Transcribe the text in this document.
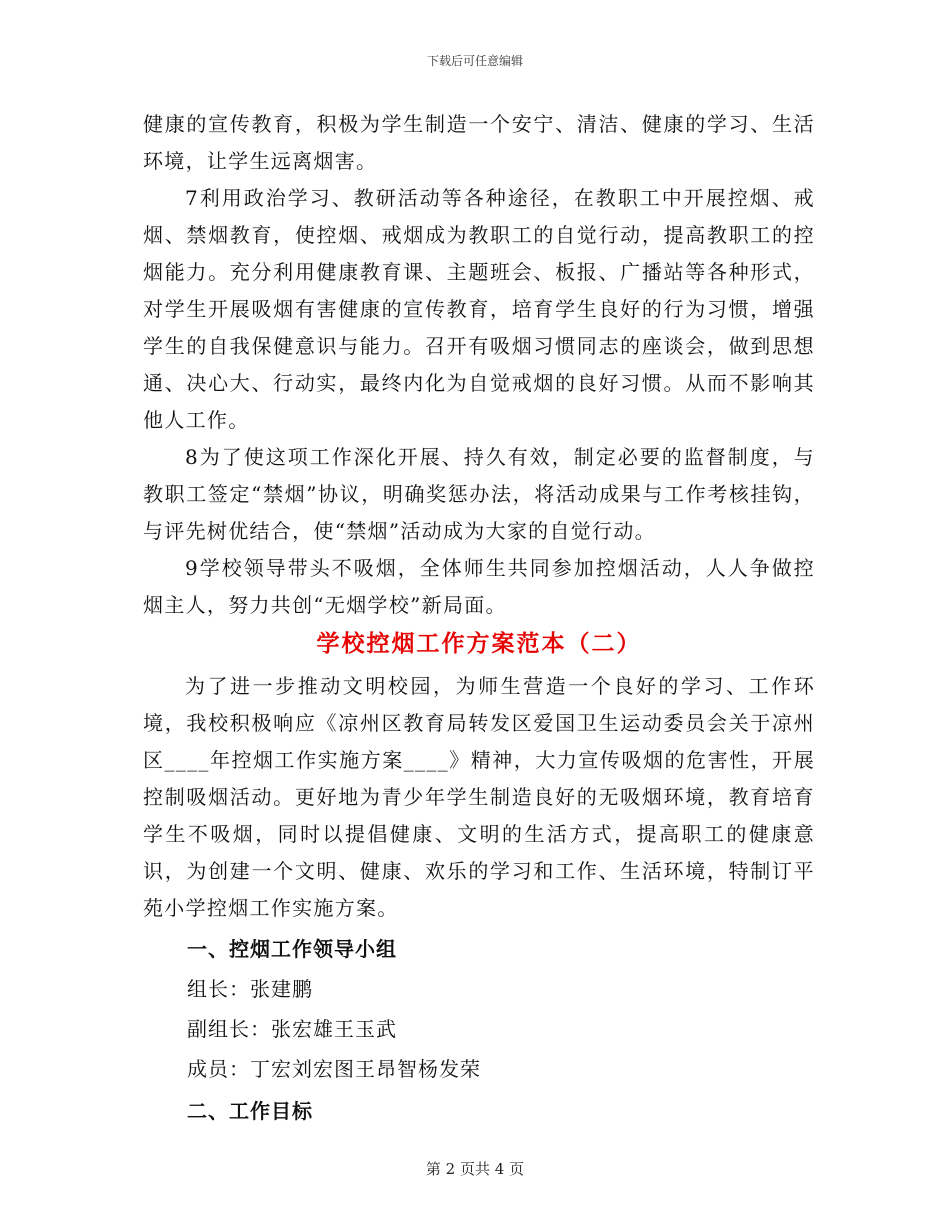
下载后可任意编辑

健康的宣传教育，积极为学生制造一个安宁、清洁、健康的学习、生活环境，让学生远离烟害。

7利用政治学习、教研活动等各种途径，在教职工中开展控烟、戒烟、禁烟教育，使控烟、戒烟成为教职工的自觉行动，提高教职工的控烟能力。充分利用健康教育课、主题班会、板报、广播站等各种形式，对学生开展吸烟有害健康的宣传教育，培育学生良好的行为习惯，增强学生的自我保健意识与能力。召开有吸烟习惯同志的座谈会，做到思想通、决心大、行动实，最终内化为自觉戒烟的良好习惯。从而不影响其他人工作。

8为了使这项工作深化开展、持久有效，制定必要的监督制度，与教职工签定“禁烟”协议，明确奖惩办法，将活动成果与工作考核挂钩，与评先树优结合，使“禁烟”活动成为大家的自觉行动。

9学校领导带头不吸烟，全体师生共同参加控烟活动，人人争做控烟主人，努力共创“无烟学校”新局面。

学校控烟工作方案范本（二）

为了进一步推动文明校园，为师生营造一个良好的学习、工作环境，我校积极响应《凉州区教育局转发区爱国卫生运动委员会关于凉州区____年控烟工作实施方案____》精神，大力宣传吸烟的危害性，开展控制吸烟活动。更好地为青少年学生制造良好的无吸烟环境，教育培育学生不吸烟，同时以提倡健康、文明的生活方式，提高职工的健康意识，为创建一个文明、健康、欢乐的学习和工作、生活环境，特制订平苑小学控烟工作实施方案。

一、控烟工作领导小组
组长：张建鹏
副组长：张宏雄王玉武
成员：丁宏刘宏图王昂智杨发荣
二、工作目标
第 2 页共 4 页
